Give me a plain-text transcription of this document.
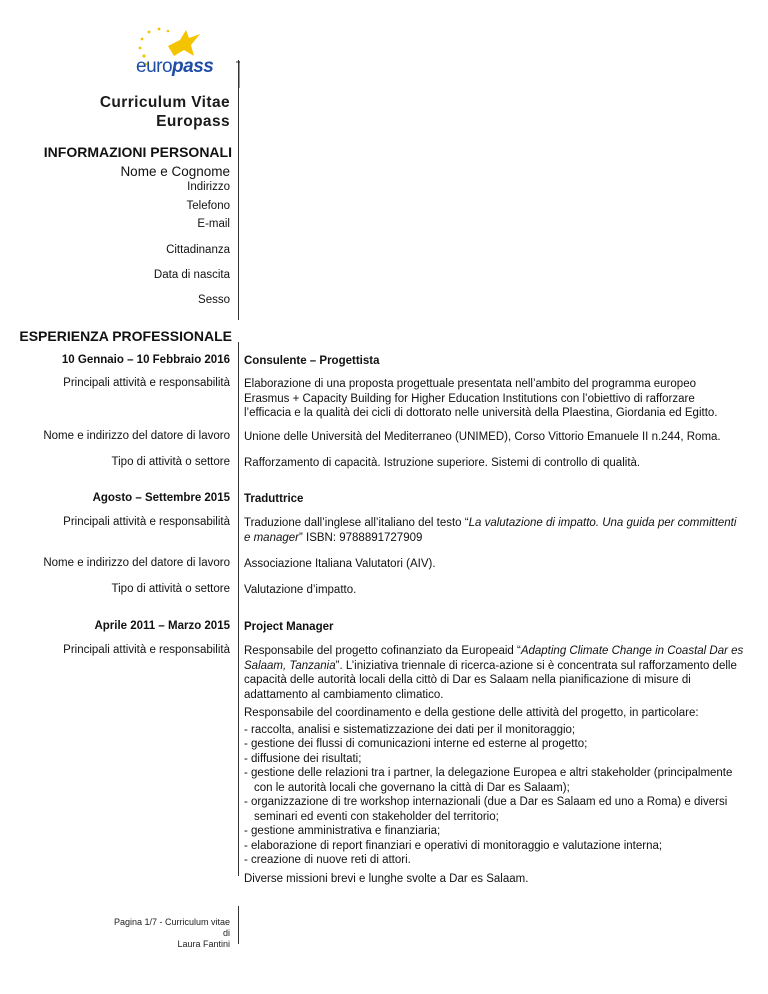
europass
Curriculum Vitae
Europass
INFORMAZIONI PERSONALI
Nome e Cognome
Indirizzo
Telefono
E-mail
Cittadinanza
Data di nascita
Sesso
ESPERIENZA PROFESSIONALE
10 Gennaio – 10 Febbraio 2016 Consulente – Progettista
Principali attività e responsabilità Elaborazione di una proposta progettuale presentata nell’ambito del programma europeo Erasmus + Capacity Building for Higher Education Institutions con l’obiettivo di rafforzare l’efficacia e la qualità dei cicli di dottorato nelle università della Plaestina, Giordania ed Egitto.
Nome e indirizzo del datore di lavoro Unione delle Università del Mediterraneo (UNIMED), Corso Vittorio Emanuele II n.244, Roma.
Tipo di attività o settore Rafforzamento di capacità. Istruzione superiore. Sistemi di controllo di qualità.
Agosto – Settembre 2015 Traduttrice
Principali attività e responsabilità Traduzione dall’inglese all’italiano del testo “La valutazione di impatto. Una guida per committenti e manager” ISBN: 9788891727909
Nome e indirizzo del datore di lavoro Associazione Italiana Valutatori (AIV).
Tipo di attività o settore Valutazione d’impatto.
Aprile 2011 – Marzo 2015 Project Manager
Principali attività e responsabilità Responsabile del progetto cofinanziato da Europeaid “Adapting Climate Change in Coastal Dar es Salaam, Tanzania”. L’iniziativa triennale di ricerca-azione si è concentrata sul rafforzamento delle capacità delle autorità locali della cittò di Dar es Salaam nella pianificazione di misure di adattamento al cambiamento climatico.
Responsabile del coordinamento e della gestione delle attività del progetto, in particolare:
- raccolta, analisi e sistematizzazione dei dati per il monitoraggio;
- gestione dei flussi di comunicazioni interne ed esterne al progetto;
- diffusione dei risultati;
- gestione delle relazioni tra i partner, la delegazione Europea e altri stakeholder (principalmente con le autorità locali che governano la città di Dar es Salaam);
- organizzazione di tre workshop internazionali (due a Dar es Salaam ed uno a Roma) e diversi seminari ed eventi con stakeholder del territorio;
- gestione amministrativa e finanziaria;
- elaborazione di report finanziari e operativi di monitoraggio e valutazione interna;
- creazione di nuove reti di attori.
Diverse missioni brevi e lunghe svolte a Dar es Salaam.
Pagina 1/7 - Curriculum vitae di
Laura Fantini
